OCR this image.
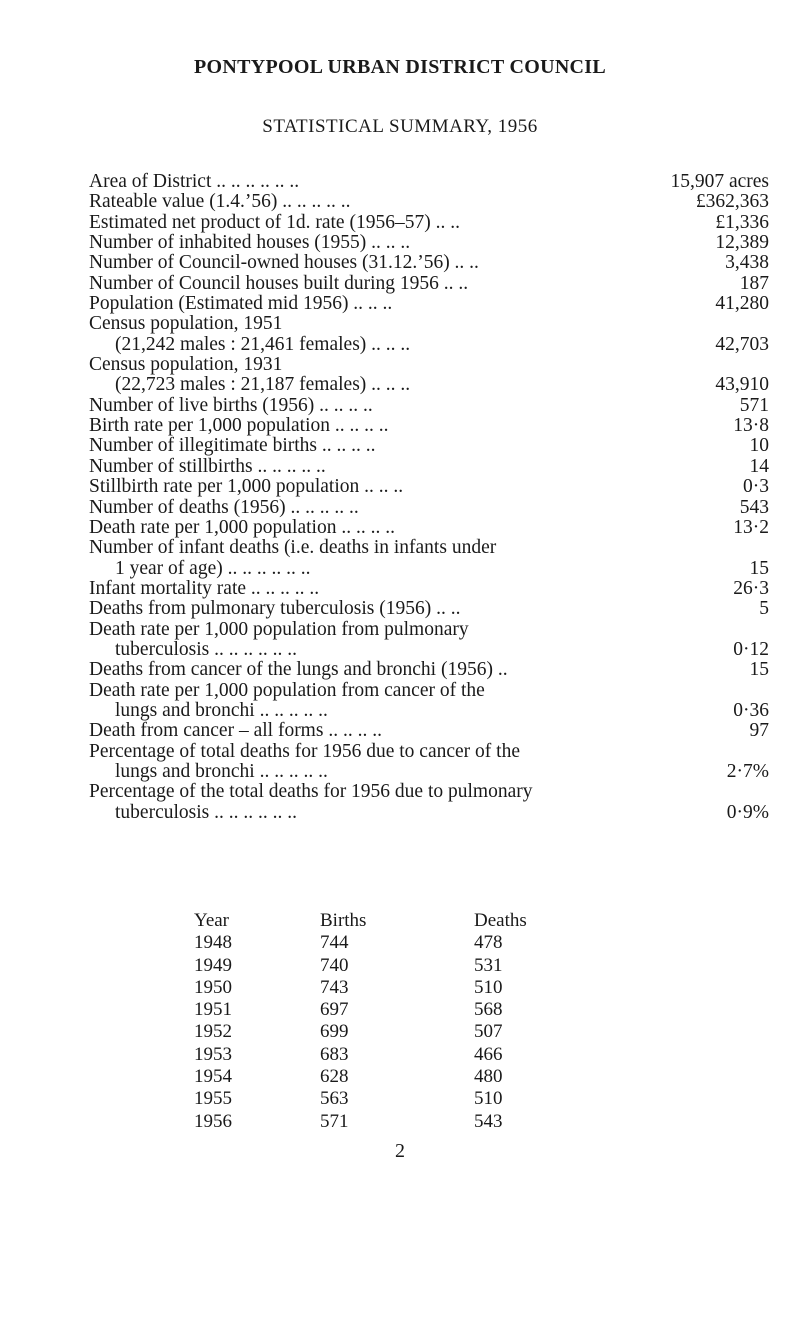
PONTYPOOL URBAN DISTRICT COUNCIL
STATISTICAL SUMMARY, 1956
Area of District .. .. .. .. .. ..	15,907 acres
Rateable value (1.4.’56) .. .. .. .. ..	£362,363
Estimated net product of 1d. rate (1956–57) .. ..	£1,336
Number of inhabited houses (1955) .. .. ..	12,389
Number of Council-owned houses (31.12.’56) .. ..	3,438
Number of Council houses built during 1956 .. ..	187
Population (Estimated mid 1956) .. .. ..	41,280
Census population, 1951
(21,242 males : 21,461 females) .. .. ..	42,703
Census population, 1931
(22,723 males : 21,187 females) .. .. ..	43,910
Number of live births (1956) .. .. .. ..	571
Birth rate per 1,000 population .. .. .. ..	13·8
Number of illegitimate births .. .. .. ..	10
Number of stillbirths .. .. .. .. ..	14
Stillbirth rate per 1,000 population .. .. ..	0·3
Number of deaths (1956) .. .. .. .. ..	543
Death rate per 1,000 population .. .. .. ..	13·2
Number of infant deaths (i.e. deaths in infants under
1 year of age) .. .. .. .. .. ..	15
Infant mortality rate .. .. .. .. ..	26·3
Deaths from pulmonary tuberculosis (1956) .. ..	5
Death rate per 1,000 population from pulmonary
tuberculosis .. .. .. .. .. ..	0·12
Deaths from cancer of the lungs and bronchi (1956) ..	15
Death rate per 1,000 population from cancer of the
lungs and bronchi .. .. .. .. ..	0·36
Death from cancer – all forms .. .. .. ..	97
Percentage of total deaths for 1956 due to cancer of the
lungs and bronchi .. .. .. .. ..	2·7%
Percentage of the total deaths for 1956 due to pulmonary
tuberculosis .. .. .. .. .. ..	0·9%
Year	Births	Deaths
1948	744	478
1949	740	531
1950	743	510
1951	697	568
1952	699	507
1953	683	466
1954	628	480
1955	563	510
1956	571	543
2
